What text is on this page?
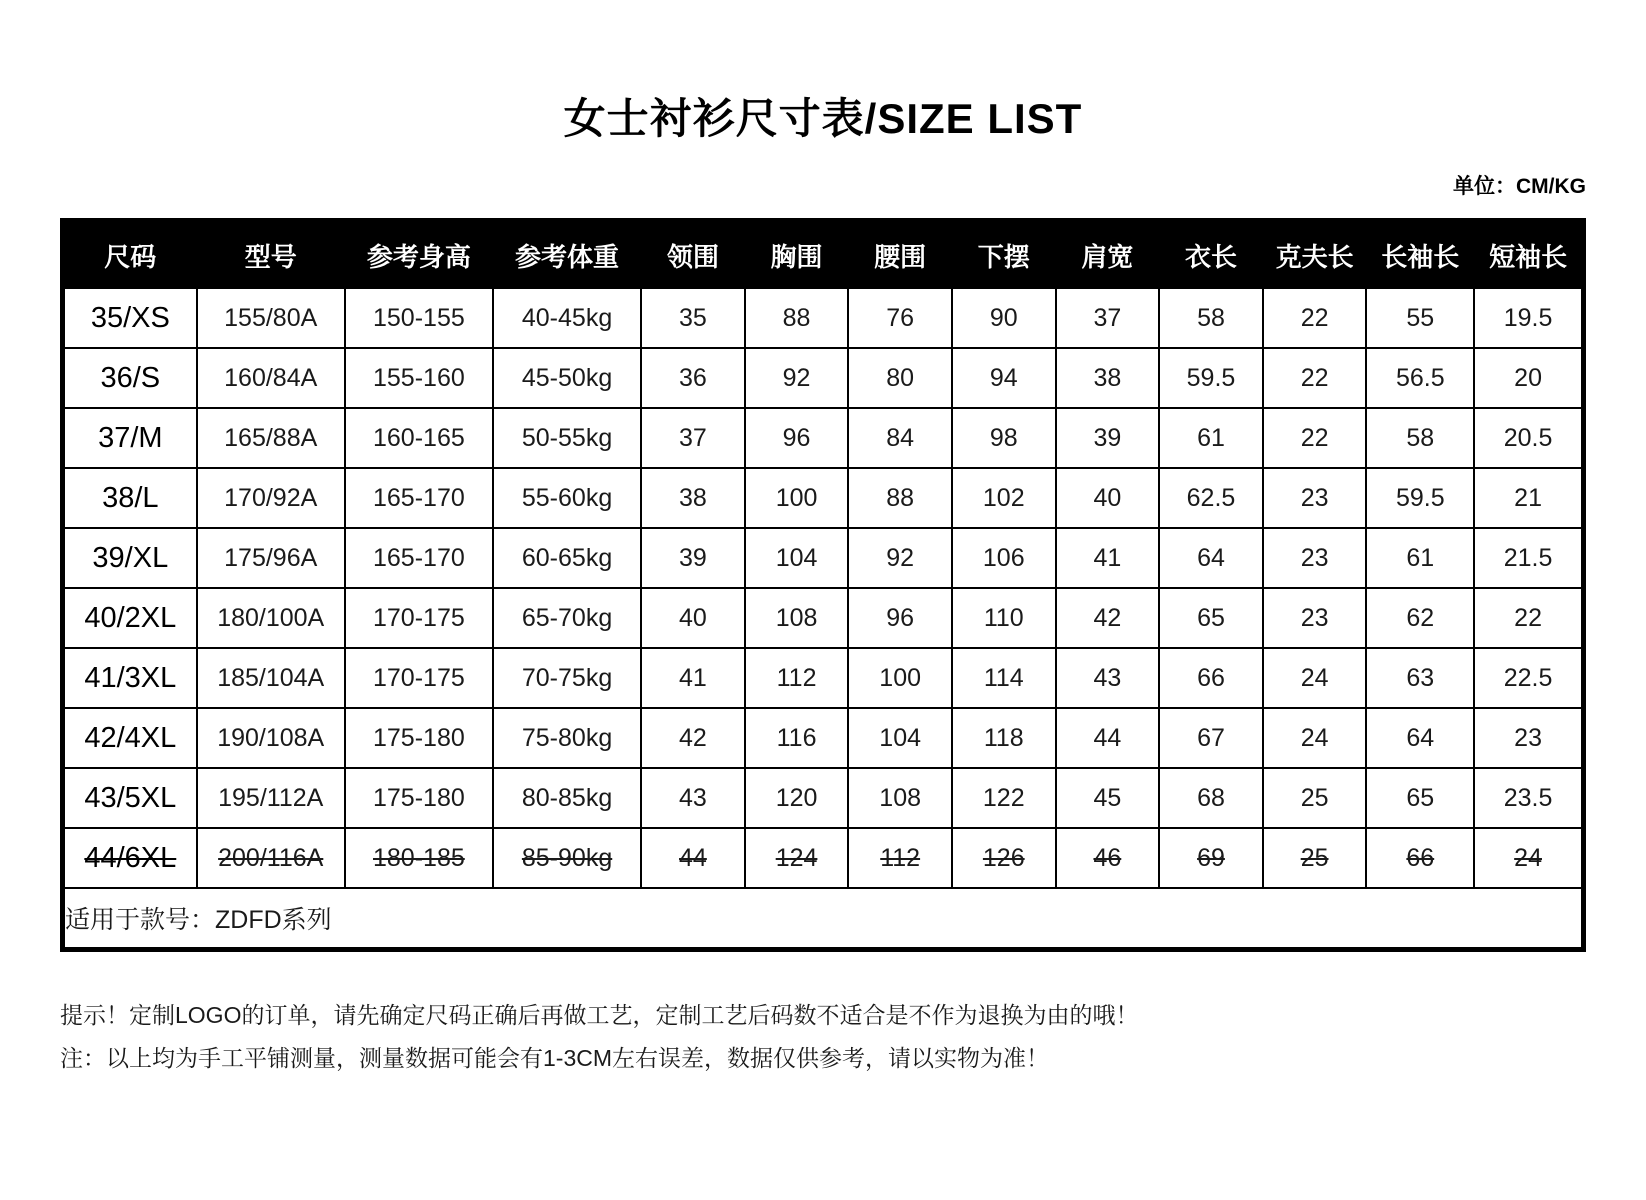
女士衬衫尺寸表/SIZE LIST
单位：CM/KG
尺码	型号	参考身高	参考体重	领围	胸围	腰围	下摆	肩宽	衣长	克夫长	长袖长	短袖长
35/XS	155/80A	150-155	40-45kg	35	88	76	90	37	58	22	55	19.5
36/S	160/84A	155-160	45-50kg	36	92	80	94	38	59.5	22	56.5	20
37/M	165/88A	160-165	50-55kg	37	96	84	98	39	61	22	58	20.5
38/L	170/92A	165-170	55-60kg	38	100	88	102	40	62.5	23	59.5	21
39/XL	175/96A	165-170	60-65kg	39	104	92	106	41	64	23	61	21.5
40/2XL	180/100A	170-175	65-70kg	40	108	96	110	42	65	23	62	22
41/3XL	185/104A	170-175	70-75kg	41	112	100	114	43	66	24	63	22.5
42/4XL	190/108A	175-180	75-80kg	42	116	104	118	44	67	24	64	23
43/5XL	195/112A	175-180	80-85kg	43	120	108	122	45	68	25	65	23.5
44/6XL	200/116A	180-185	85-90kg	44	124	112	126	46	69	25	66	24
适用于款号：ZDFD系列												
提示！定制LOGO的订单，请先确定尺码正确后再做工艺，定制工艺后码数不适合是不作为退换为由的哦！
注：以上均为手工平铺测量，测量数据可能会有1-3CM左右误差，数据仅供参考，请以实物为准！
